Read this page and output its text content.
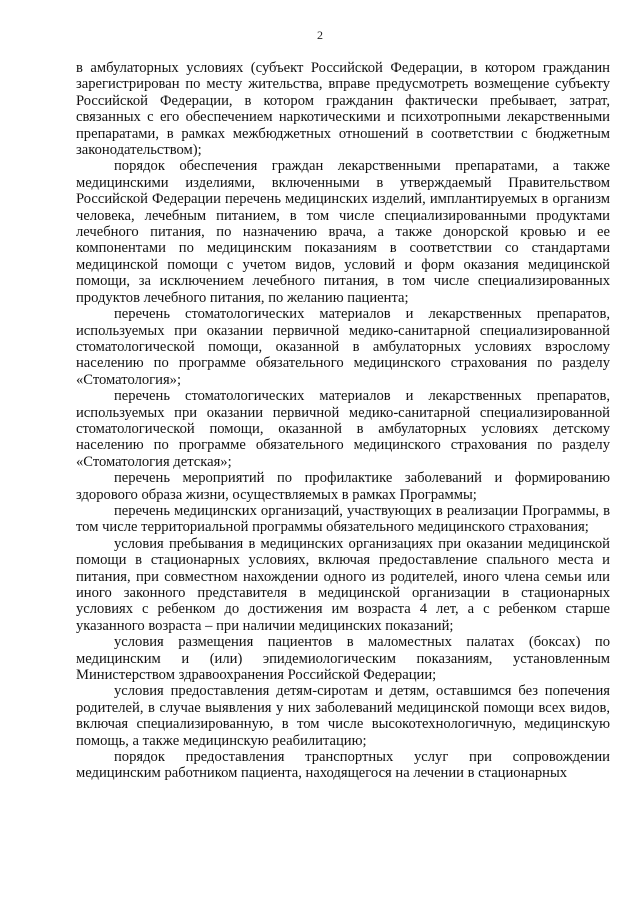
2

в амбулаторных условиях (субъект Российской Федерации, в котором гражданин зарегистрирован по месту жительства, вправе предусмотреть возмещение субъекту Российской Федерации, в котором гражданин фактически пребывает, затрат, связанных с его обеспечением наркотическими и психотропными лекарственными препаратами, в рамках межбюджетных отношений в соответствии с бюджетным законодательством);

порядок обеспечения граждан лекарственными препаратами, а также медицинскими изделиями, включенными в утверждаемый Правительством Российской Федерации перечень медицинских изделий, имплантируемых в организм человека, лечебным питанием, в том числе специализированными продуктами лечебного питания, по назначению врача, а также донорской кровью и ее компонентами по медицинским показаниям в соответствии со стандартами медицинской помощи с учетом видов, условий и форм оказания медицинской помощи, за исключением лечебного питания, в том числе специализированных продуктов лечебного питания, по желанию пациента;

перечень стоматологических материалов и лекарственных препаратов, используемых при оказании первичной медико-санитарной специализированной стоматологической помощи, оказанной в амбулаторных условиях взрослому населению по программе обязательного медицинского страхования по разделу «Стоматология»;

перечень стоматологических материалов и лекарственных препаратов, используемых при оказании первичной медико-санитарной специализированной стоматологической помощи, оказанной в амбулаторных условиях детскому населению по программе обязательного медицинского страхования по разделу «Стоматология детская»;

перечень мероприятий по профилактике заболеваний и формированию здорового образа жизни, осуществляемых в рамках Программы;

перечень медицинских организаций, участвующих в реализации Программы, в том числе территориальной программы обязательного медицинского страхования;

условия пребывания в медицинских организациях при оказании медицинской помощи в стационарных условиях, включая предоставление спального места и питания, при совместном нахождении одного из родителей, иного члена семьи или иного законного представителя в медицинской организации в стационарных условиях с ребенком до достижения им возраста 4 лет, а с ребенком старше указанного возраста – при наличии медицинских показаний;

условия размещения пациентов в маломестных палатах (боксах) по медицинским и (или) эпидемиологическим показаниям, установленным Министерством здравоохранения Российской Федерации;

условия предоставления детям-сиротам и детям, оставшимся без попечения родителей, в случае выявления у них заболеваний медицинской помощи всех видов, включая специализированную, в том числе высокотехнологичную, медицинскую помощь, а также медицинскую реабилитацию;

порядок предоставления транспортных услуг при сопровождении медицинским работником пациента, находящегося на лечении в стационарных
